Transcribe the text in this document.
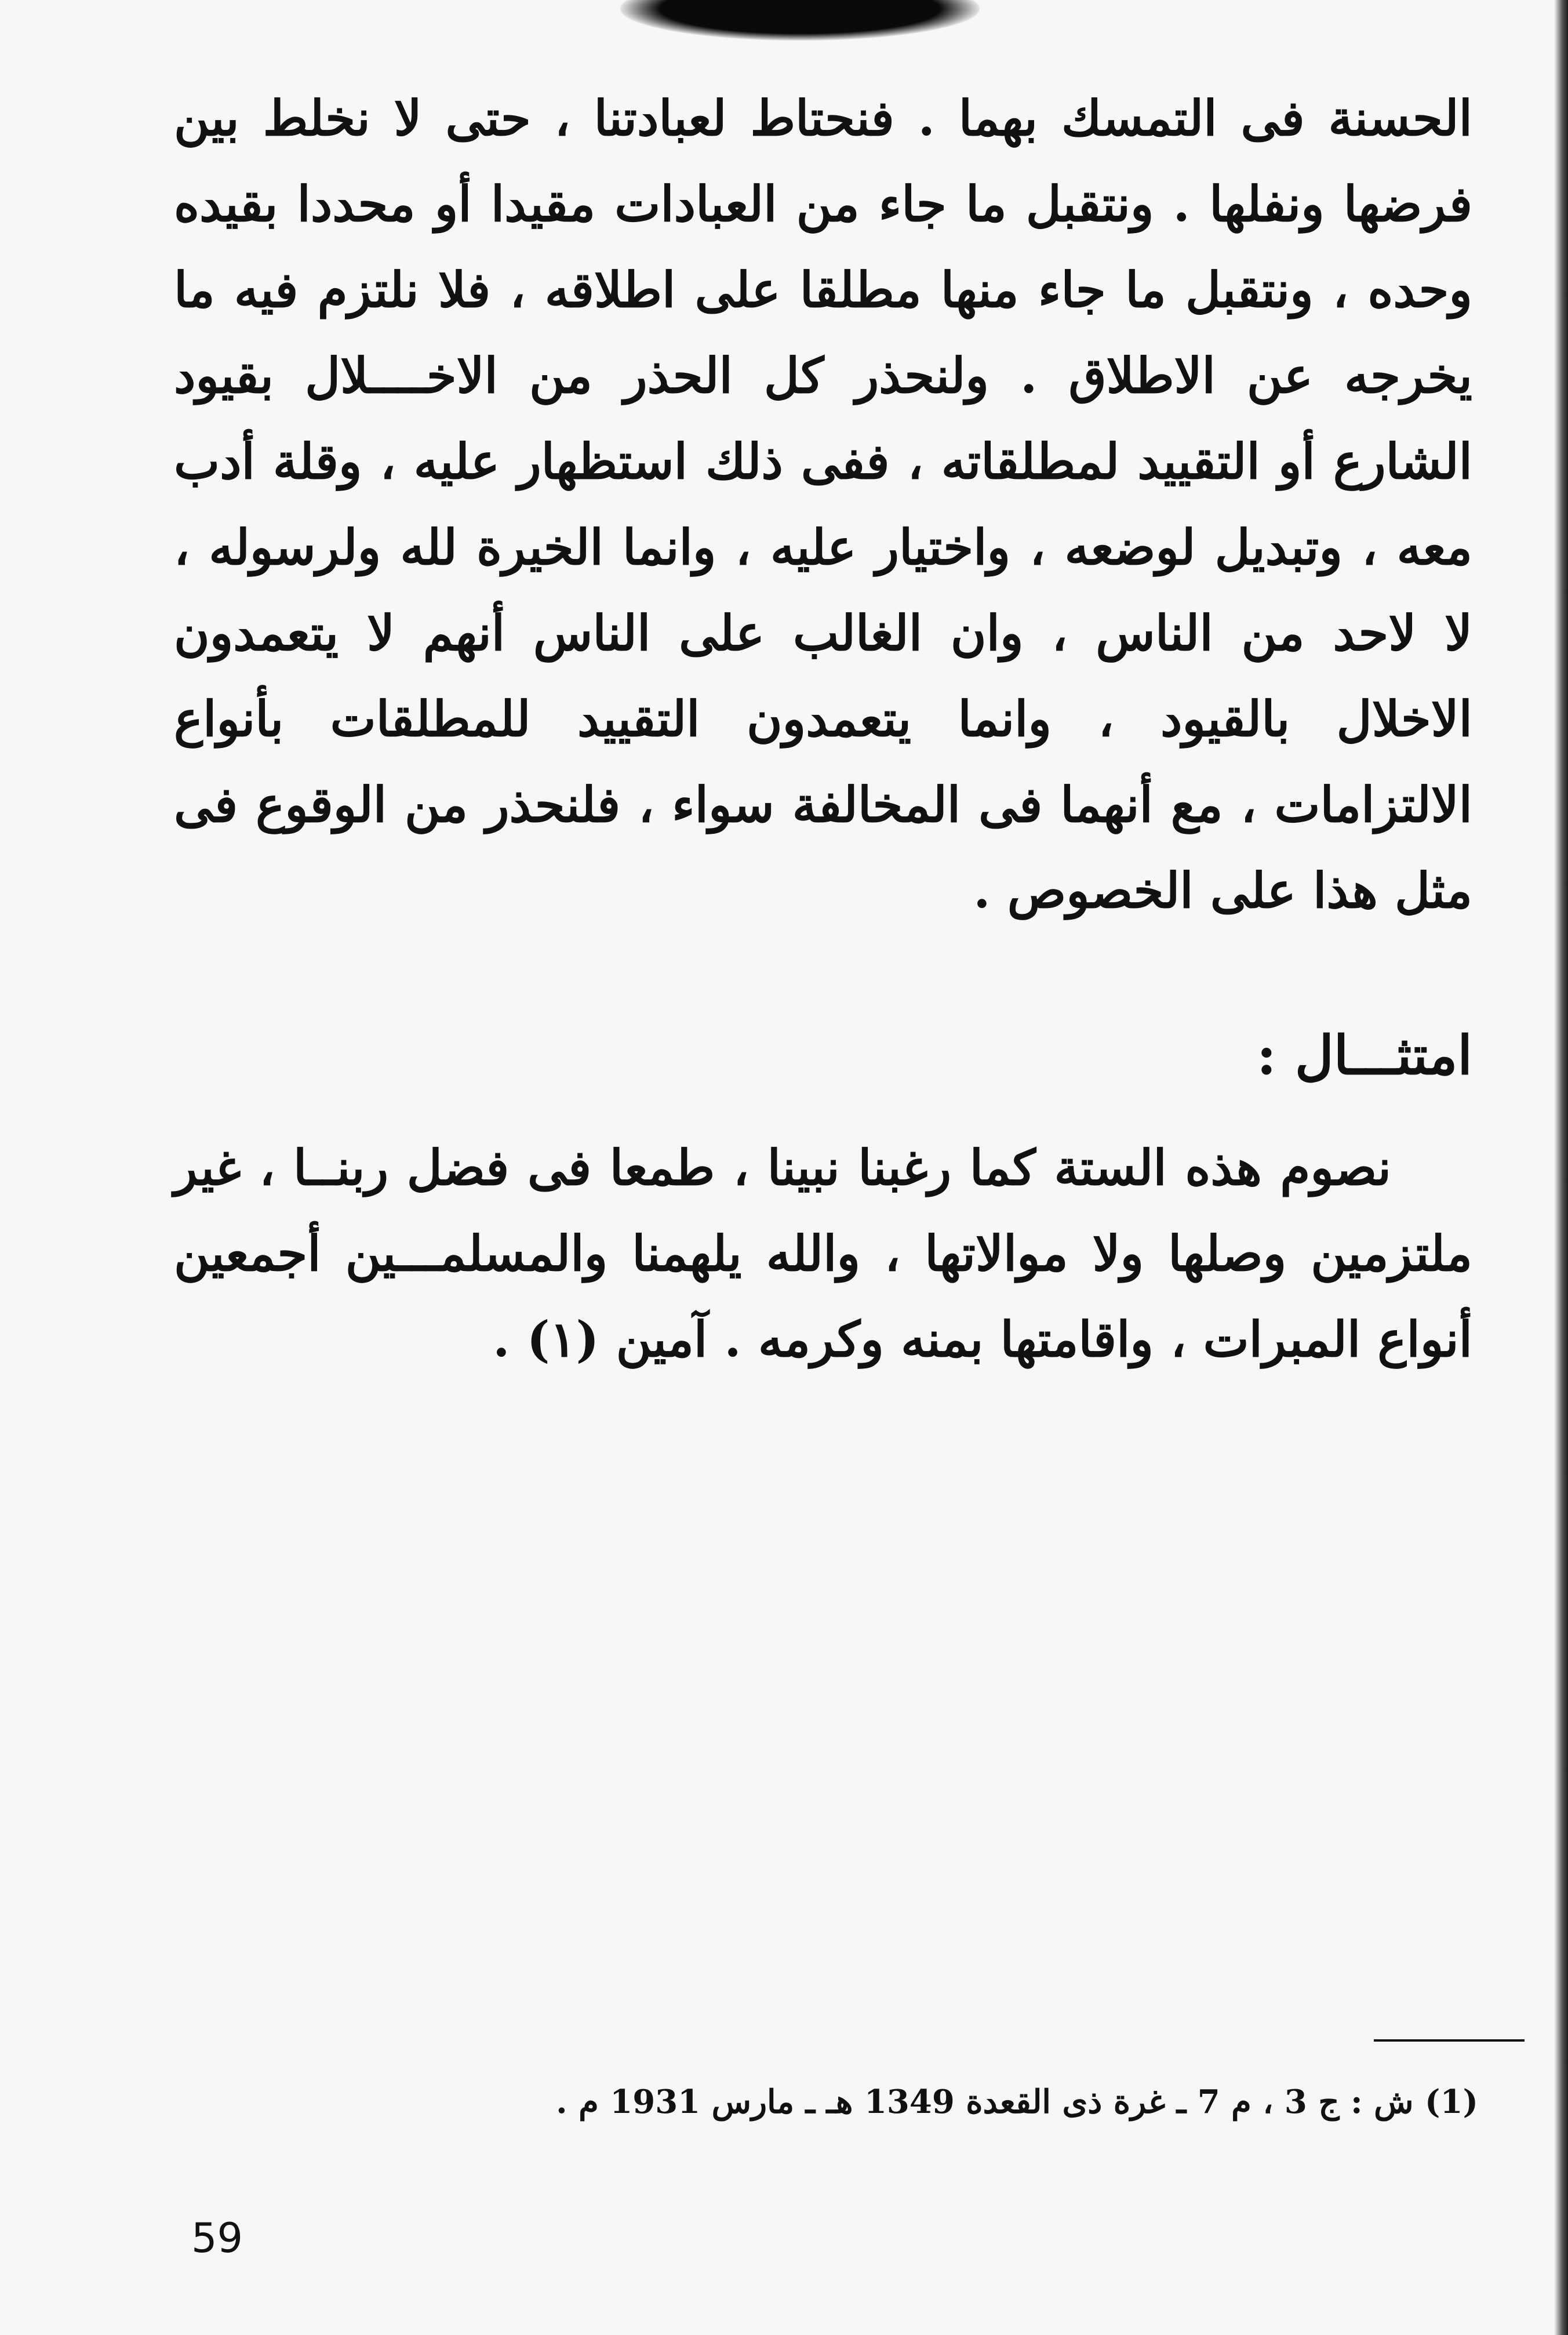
الحسنة فى التمسك بهما . فنحتاط لعبادتنا ، حتى لا نخلط بين فرضها ونفلها . ونتقبل ما جاء من العبادات مقيدا أو محددا بقيده وحده ، ونتقبل ما جاء منها مطلقا على اطلاقه ، فلا نلتزم فيه ما يخرجه عن الاطلاق . ولنحذر كل الحذر من الاخــــلال بقيود الشارع أو التقييد لمطلقاته ، ففى ذلك استظهار عليه ، وقلة أدب معه ، وتبديل لوضعه ، واختيار عليه ، وانما الخيرة لله ولرسوله ، لا لاحد من الناس ، وان الغالب على الناس أنهم لا يتعمدون الاخلال بالقيود ، وانما يتعمدون التقييد للمطلقات بأنواع الالتزامات ، مع أنهما فى المخالفة سواء ، فلنحذر من الوقوع فى مثل هذا على الخصوص .

امتثـــال :

نصوم هذه الستة كما رغبنا نبينا ، طمعا فى فضل ربنــا ، غير ملتزمين وصلها ولا موالاتها ، والله يلهمنا والمسلمـــين أجمعين أنواع المبرات ، واقامتها بمنه وكرمه . آمين (١) .

(1) ش : ج 3 ، م 7 ـ غرة ذى القعدة 1349 هـ ـ مارس 1931 م .
59
